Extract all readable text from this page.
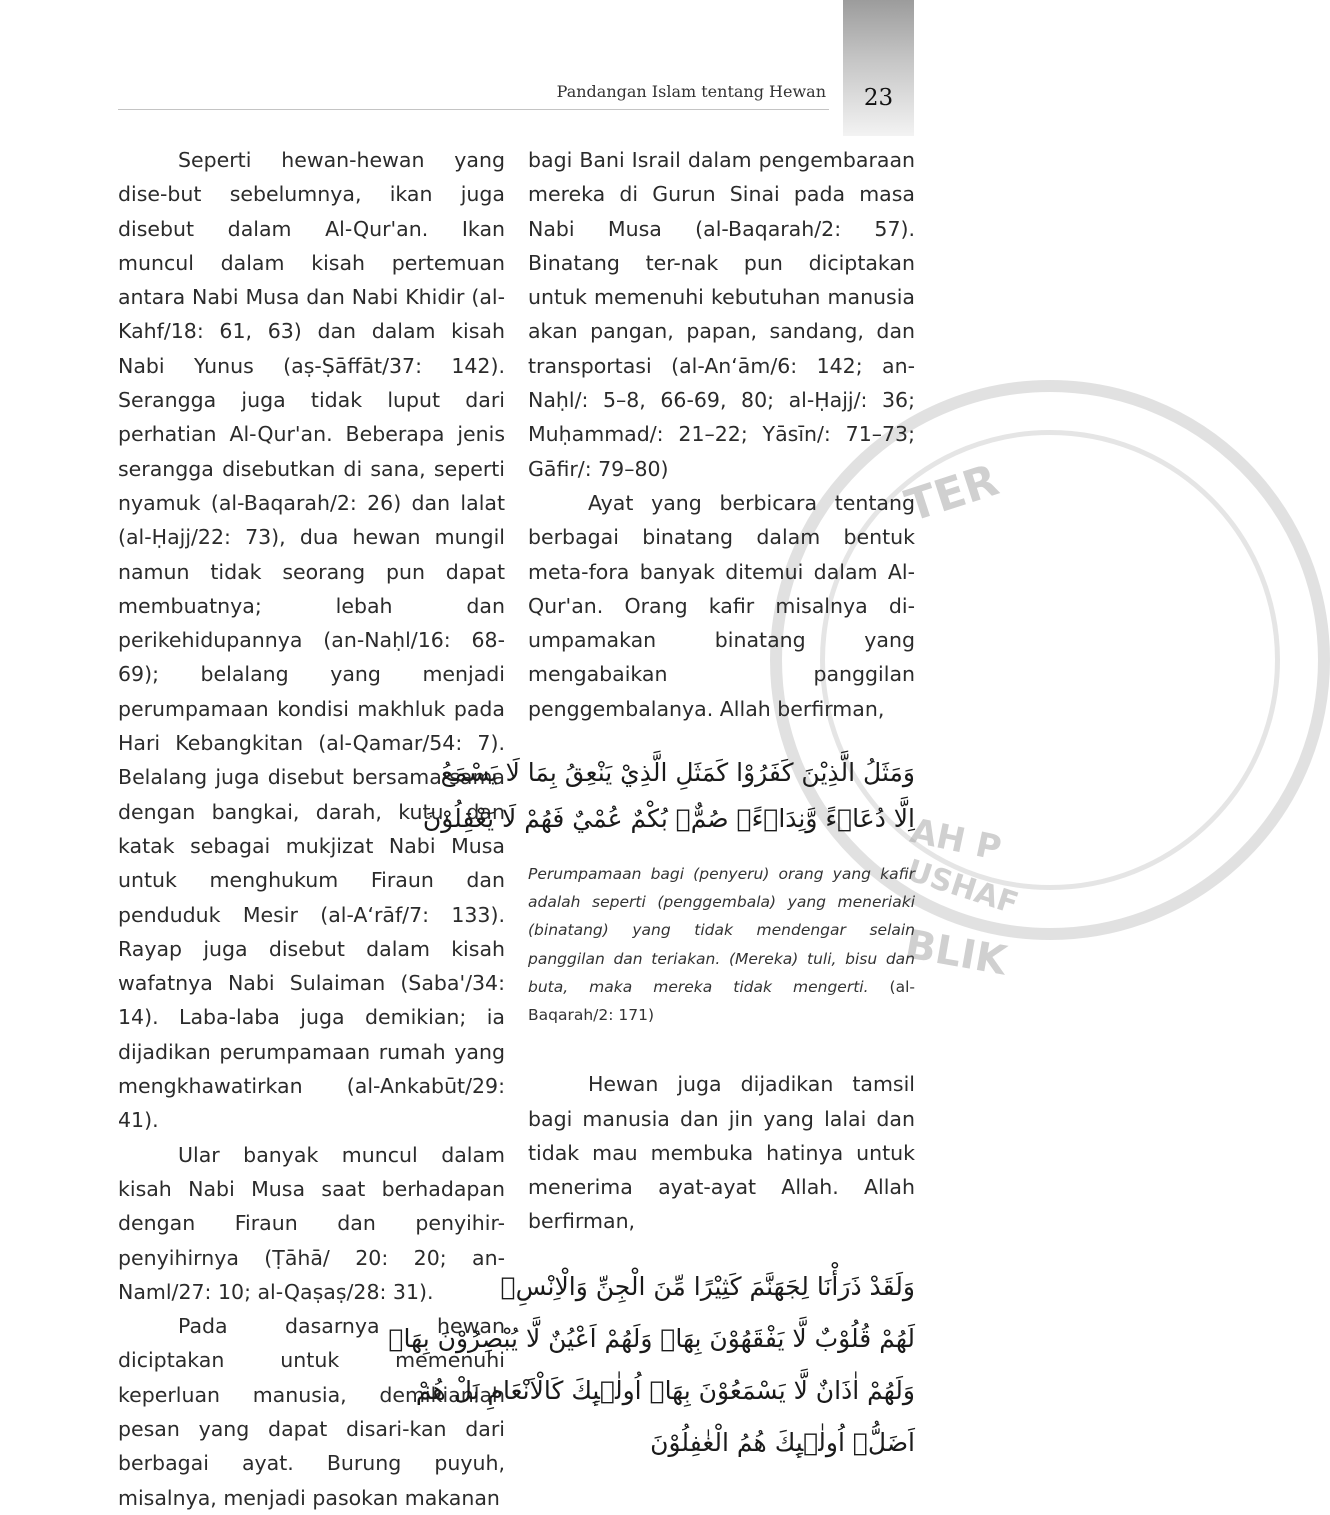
TER
AH P
USHAF
BLIK
23
Pandangan Islam tentang Hewan

Seperti hewan-hewan yang dise-but sebelumnya, ikan juga disebut dalam Al-Qur'an. Ikan muncul dalam kisah pertemuan antara Nabi Musa dan Nabi Khidir (al-Kahf/18: 61, 63) dan dalam kisah Nabi Yunus (aṣ-Ṣāffāt/37: 142). Serangga juga tidak luput dari perhatian Al-Qur'an. Beberapa jenis serangga disebutkan di sana, seperti nyamuk (al-Baqarah/2: 26) dan lalat (al-Ḥajj/22: 73), dua hewan mungil namun tidak seorang pun dapat membuatnya; lebah dan perikehidupannya (an-Naḥl/16: 68-69); belalang yang menjadi perumpamaan kondisi makhluk pada Hari Kebangkitan (al-Qamar/54: 7). Belalang juga disebut bersama-sama dengan bangkai, darah, kutu, dan katak sebagai mukjizat Nabi Musa untuk menghukum Firaun dan penduduk Mesir (al-A‘rāf/7: 133). Rayap juga disebut dalam kisah wafatnya Nabi Sulaiman (Saba'/34: 14). Laba-laba juga demikian; ia dijadikan perumpamaan rumah yang mengkhawatirkan (al-Ankabūt/29: 41).

Ular banyak muncul dalam kisah Nabi Musa saat berhadapan dengan Firaun dan penyihir-penyihirnya (Ṭāhā/ 20: 20; an-Naml/27: 10; al-Qaṣaṣ/28: 31).

Pada dasarnya hewan diciptakan untuk memenuhi keperluan manusia, demikianlah pesan yang dapat disari-kan dari berbagai ayat. Burung puyuh, misalnya, menjadi pasokan makanan

bagi Bani Israil dalam pengembaraan mereka di Gurun Sinai pada masa Nabi Musa (al-Baqarah/2: 57). Binatang ter-nak pun diciptakan untuk memenuhi kebutuhan manusia akan pangan, papan, sandang, dan transportasi (al-An‘ām/6: 142; an-Naḥl/: 5–8, 66-69, 80; al-Ḥajj/: 36; Muḥammad/: 21–22; Yāsīn/: 71–73; Gāfir/: 79–80)

Ayat yang berbicara tentang berbagai binatang dalam bentuk meta-fora banyak ditemui dalam Al-Qur'an. Orang kafir misalnya di-umpamakan binatang yang mengabaikan panggilan penggembalanya. Allah berfirman,

وَمَثَلُ الَّذِيْنَ كَفَرُوْا كَمَثَلِ الَّذِيْ يَنْعِقُ بِمَا لَا يَسْمَعُ
اِلَّا دُعَاۤءً وَّنِدَاۤءًۗ صُمٌّۢ بُكْمٌ عُمْيٌ فَهُمْ لَا يَعْقِلُوْنَ

Perumpamaan bagi (penyeru) orang yang kafir adalah seperti (penggembala) yang meneriaki (binatang) yang tidak mendengar selain panggilan dan teriakan. (Mereka) tuli, bisu dan buta, maka mereka tidak mengerti. (al-Baqarah/2: 171)

Hewan juga dijadikan tamsil bagi manusia dan jin yang lalai dan tidak mau membuka hatinya untuk menerima ayat-ayat Allah. Allah berfirman,

وَلَقَدْ ذَرَأْنَا لِجَهَنَّمَ كَثِيْرًا مِّنَ الْجِنِّ وَالْاِنْسِۖ
لَهُمْ قُلُوْبٌ لَّا يَفْقَهُوْنَ بِهَاۖ وَلَهُمْ اَعْيُنٌ لَّا يُبْصِرُوْنَ بِهَاۖ
وَلَهُمْ اٰذَانٌ لَّا يَسْمَعُوْنَ بِهَاۗ اُولٰۤىِٕكَ كَالْاَنْعَامِ بَلْ هُمْ
اَضَلُّۗ اُولٰۤىِٕكَ هُمُ الْغٰفِلُوْنَ
